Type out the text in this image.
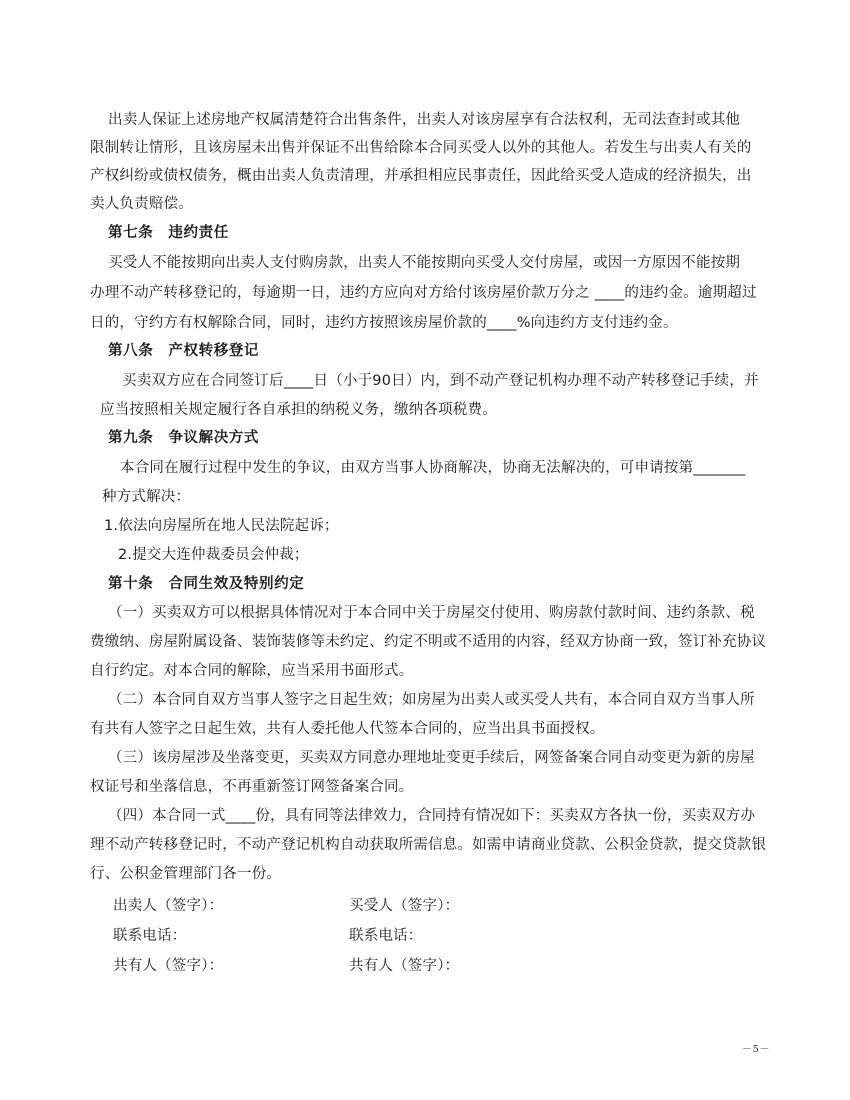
出卖人保证上述房地产权属清楚符合出售条件，出卖人对该房屋享有合法权利，无司法查封或其他

限制转让情形，且该房屋未出售并保证不出售给除本合同买受人以外的其他人。若发生与出卖人有关的

产权纠纷或债权债务，概由出卖人负责清理，并承担相应民事责任，因此给买受人造成的经济损失，出

卖人负责赔偿。

第七条　违约责任

买受人不能按期向出卖人支付购房款，出卖人不能按期向买受人交付房屋，或因一方原因不能按期

办理不动产转移登记的，每逾期一日，违约方应向对方给付该房屋价款万分之 ____的违约金。逾期超过

日的，守约方有权解除合同，同时，违约方按照该房屋价款的____%向违约方支付违约金。

第八条　产权转移登记

买卖双方应在合同签订后____日（小于90日）内，到不动产登记机构办理不动产转移登记手续，并

应当按照相关规定履行各自承担的纳税义务，缴纳各项税费。

第九条　争议解决方式

本合同在履行过程中发生的争议，由双方当事人协商解决，协商无法解决的，可申请按第_______

种方式解决：

1.依法向房屋所在地人民法院起诉；

2.提交大连仲裁委员会仲裁；

第十条　合同生效及特别约定

（一）买卖双方可以根据具体情况对于本合同中关于房屋交付使用、购房款付款时间、违约条款、税

费缴纳、房屋附属设备、装饰装修等未约定、约定不明或不适用的内容，经双方协商一致，签订补充协议

自行约定。对本合同的解除，应当采用书面形式。

（二）本合同自双方当事人签字之日起生效；如房屋为出卖人或买受人共有，本合同自双方当事人所

有共有人签字之日起生效，共有人委托他人代签本合同的，应当出具书面授权。

（三）该房屋涉及坐落变更，买卖双方同意办理地址变更手续后，网签备案合同自动变更为新的房屋

权证号和坐落信息，不再重新签订网签备案合同。

（四）本合同一式____份，具有同等法律效力，合同持有情况如下：买卖双方各执一份，买卖双方办

理不动产转移登记时，不动产登记机构自动获取所需信息。如需申请商业贷款、公积金贷款，提交贷款银

行、公积金管理部门各一份。

出卖人（签字）：	买受人（签字）：

联系电话：	联系电话：

共有人（签字）：	共有人（签字）：

－5－
